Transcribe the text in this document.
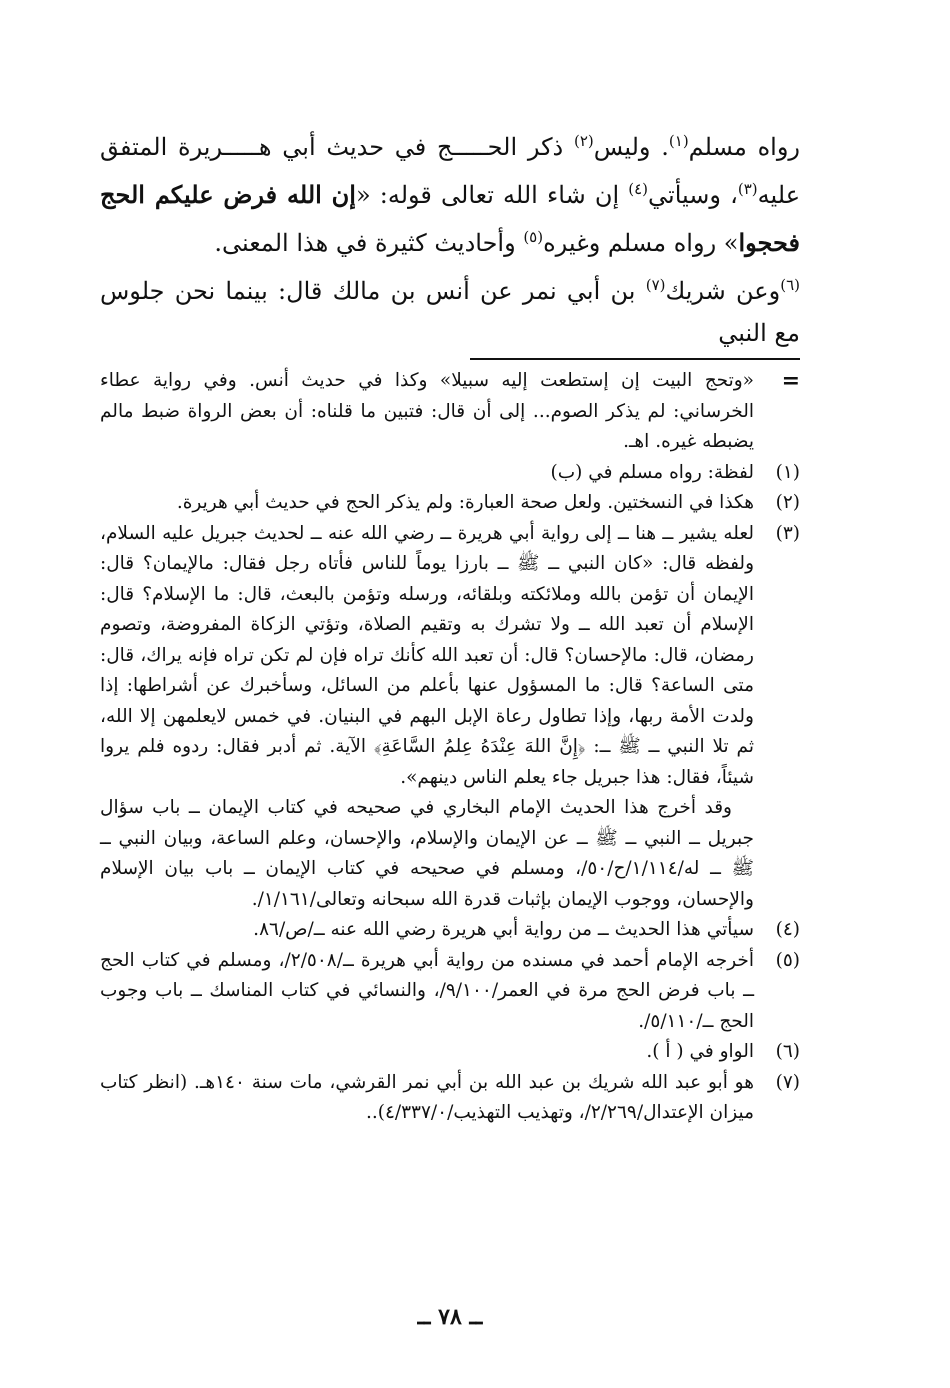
رواه مسلم$^{(١)}$. وليس$^{(٢)}$ ذكر الحـــــج في حديث أبي هـــــريرة المتفق عليه$^{(٣)}$، وسيأتي$^{(٤)}$ إن شاء الله تعالى قوله: «إن الله فرض عليكم الحج فحجوا» رواه مسلم وغيره$^{(٥)}$ وأحاديث كثيرة في هذا المعنى.

$^{(٦)}$وعن شريك$^{(٧)}$ بن أبي نمر عن أنس بن مالك قال: بينما نحن جلوس مع النبي

=

«وتحج البيت إن إستطعت إليه سبيلا» وكذا في حديث أنس. وفي رواية عطاء الخرساني: لم يذكر الصوم... إلى أن قال: فتبين ما قلناه: أن بعض الرواة ضبط مالم يضبطه غيره. اهـ.

(١)

لفظة: رواه مسلم في (ب)

(٢)

هكذا في النسختين. ولعل صحة العبارة: ولم يذكر الحج في حديث أبي هريرة.

(٣)

لعله يشير ــ هنا ــ إلى رواية أبي هريرة ــ رضي الله عنه ــ لحديث جبريل عليه السلام، ولفظه قال: «كان النبي ــ ﷺ ــ بارزا يوماً للناس فأتاه رجل فقال: مالإيمان؟ قال: الإيمان أن تؤمن بالله وملائكته وبلقائه، ورسله وتؤمن بالبعث، قال: ما الإسلام؟ قال: الإسلام أن تعبد الله ــ ولا تشرك به وتقيم الصلاة، وتؤتي الزكاة المفروضة، وتصوم رمضان، قال: مالإحسان؟ قال: أن تعبد الله كأنك تراه فإن لم تكن تراه فإنه يراك، قال: متى الساعة؟ قال: ما المسؤول عنها بأعلم من السائل، وسأخبرك عن أشراطها: إذا ولدت الأمة ربها، وإذا تطاول رعاة الإبل البهم في البنيان. في خمس لايعلمهن إلا الله، ثم تلا النبي ــ ﷺ ــ: ﴿إِنَّ اللهَ عِنْدَهُ عِلمُ السَّاعَةِ﴾ الآية. ثم أدبر فقال: ردوه فلم يروا شيئاً، فقال: هذا جبريل جاء يعلم الناس دينهم».

وقد أخرج هذا الحديث الإمام البخاري في صحيحه في كتاب الإيمان ــ باب سؤال جبريل ــ النبي ــ ﷺ ــ عن الإيمان والإسلام، والإحسان، وعلم الساعة، وبيان النبي ــ ﷺ ــ له/١/١١٤/ح/٥٠/، ومسلم في صحيحه في كتاب الإيمان ــ باب بيان الإسلام والإحسان، ووجوب الإيمان بإثبات قدرة الله سبحانه وتعالى/١/١٦١/.

(٤)

سيأتي هذا الحديث ــ من رواية أبي هريرة رضي الله عنه ــ/ص/٨٦.

(٥)

أخرجه الإمام أحمد في مسنده من رواية أبي هريرة ــ/٢/٥٠٨/، ومسلم في كتاب الحج ــ باب فرض الحج مرة في العمر/٩/١٠٠/، والنسائي في كتاب المناسك ــ باب وجوب الحج ــ/٥/١١٠/.

(٦)

الواو في ( أ ).

(٧)

هو أبو عبد الله شريك بن عبد الله بن أبي نمر القرشي، مات سنة ١٤٠هـ. (انظر كتاب ميزان الإعتدال/٢/٢٦٩/، وتهذيب التهذيب/٤/٣٣٧/٠)..

ــ ٧٨ ــ
